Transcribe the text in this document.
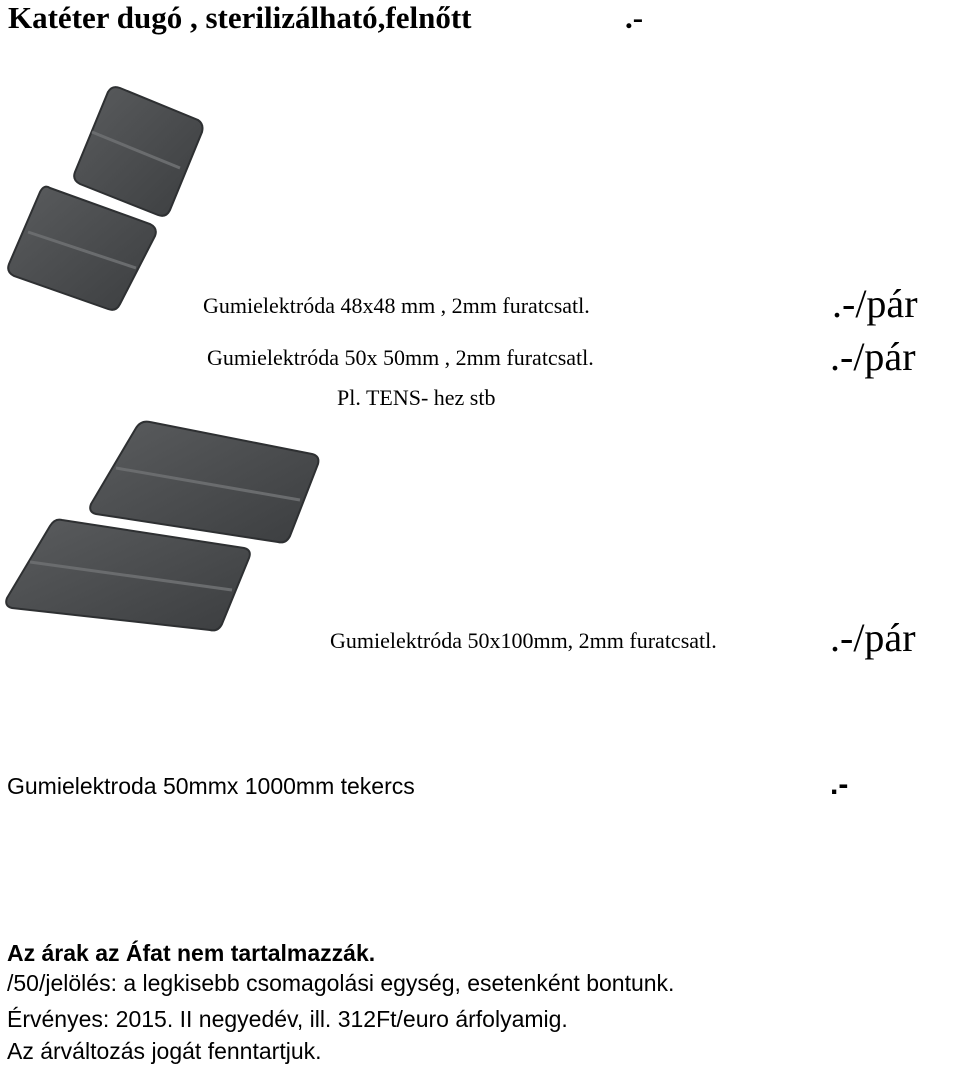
Katéter dugó , sterilizálható,felnőtt	.-
Gumielektróda 48x48 mm , 2mm furatcsatl.	.-/pár
Gumielektróda 50x 50mm , 2mm furatcsatl.	.-/pár
Pl. TENS- hez stb
Gumielektróda 50x100mm, 2mm furatcsatl.	.-/pár
Gumielektroda 50mmx 1000mm tekercs	.-
Az árak az Áfat nem tartalmazzák.
/50/jelölés: a legkisebb csomagolási egység, esetenként bontunk.
Érvényes: 2015. II negyedév, ill. 312Ft/euro árfolyamig.
Az árváltozás jogát fenntartjuk.
